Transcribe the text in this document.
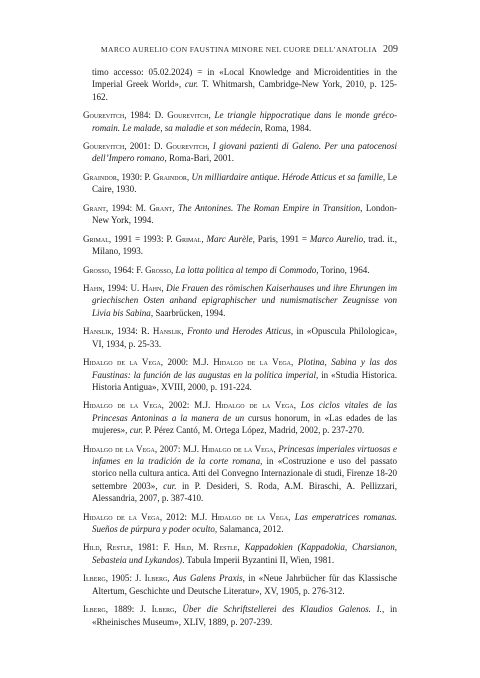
MARCO AURELIO CON FAUSTINA MINORE NEL CUORE DELL’ANATOLIA 209

timo accesso: 05.02.2024) = in «Local Knowledge and Microidentities in the Imperial Greek World», cur. T. Whitmarsh, Cambridge-New York, 2010, p. 125-162.

Gourevitch, 1984: D. Gourevitch, Le triangle hippocratique dans le monde gréco-romain. Le malade, sa maladie et son médecin, Roma, 1984.

Gourevitch, 2001: D. Gourevitch, I giovani pazienti di Galeno. Per una patocenosi dell’Impero romano, Roma-Bari, 2001.

Graindor, 1930: P. Graindor, Un milliardaire antique. Hérode Atticus et sa famille, Le Caire, 1930.

Grant, 1994: M. Grant, The Antonines. The Roman Empire in Transition, London-New York, 1994.

Grimal, 1991 = 1993: P. Grimal, Marc Aurèle, Paris, 1991 = Marco Aurelio, trad. it., Milano, 1993.

Grosso, 1964: F. Grosso, La lotta politica al tempo di Commodo, Torino, 1964.

Hahn, 1994: U. Hahn, Die Frauen des römischen Kaiserhauses und ihre Ehrungen im griechischen Osten anhand epigraphischer und numismatischer Zeugnisse von Livia bis Sabina, Saarbrücken, 1994.

Hanslik, 1934: R. Hanslik, Fronto und Herodes Atticus, in «Opuscula Philologica», VI, 1934, p. 25-33.

Hidalgo de la Vega, 2000: M.J. Hidalgo de la Vega, Plotina, Sabina y las dos Faustinas: la función de las augustas en la política imperial, in «Studia Historica. Historia Antigua», XVIII, 2000, p. 191-224.

Hidalgo de la Vega, 2002: M.J. Hidalgo de la Vega, Los ciclos vitales de las Princesas Antoninas a la manera de un cursus honorum, in «Las edades de las mujeres», cur. P. Pérez Cantó, M. Ortega López, Madrid, 2002, p. 237-270.

Hidalgo de la Vega, 2007: M.J. Hidalgo de la Vega, Princesas imperiales virtuosas e infames en la tradición de la corte romana, in «Costruzione e uso del passato storico nella cultura antica. Atti del Convegno Internazionale di studi, Firenze 18-20 settembre 2003», cur. in P. Desideri, S. Roda, A.M. Biraschi, A. Pellizzari, Alessandria, 2007, p. 387-410.

Hidalgo de la Vega, 2012: M.J. Hidalgo de la Vega, Las emperatrices romanas. Sueños de púrpura y poder oculto, Salamanca, 2012.

Hild, Restle, 1981: F. Hild, M. Restle, Kappadokien (Kappadokia, Charsianon, Sebasteia und Lykandos). Tabula Imperii Byzantini II, Wien, 1981.

Ilberg, 1905: J. Ilberg, Aus Galens Praxis, in «Neue Jahrbücher für das Klassische Altertum, Geschichte und Deutsche Literatur», XV, 1905, p. 276-312.

Ilberg, 1889: J. Ilberg, Über die Schriftstellerei des Klaudios Galenos. I., in «Rheinisches Museum», XLIV, 1889, p. 207-239.
